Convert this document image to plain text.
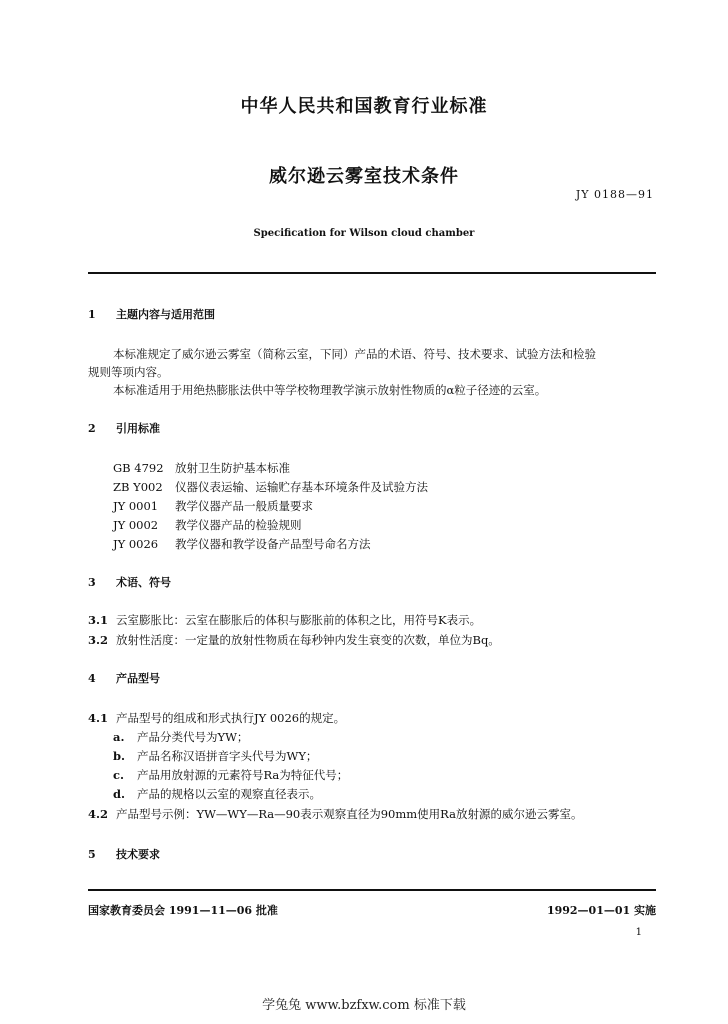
中华人民共和国教育行业标准
威尔逊云雾室技术条件
JY 0188—91
Specification for Wilson cloud chamber
1 主题内容与适用范围
本标准规定了威尔逊云雾室（简称云室，下同）产品的术语、符号、技术要求、试验方法和检验
规则等项内容。
本标准适用于用绝热膨胀法供中等学校物理教学演示放射性物质的α粒子径迹的云室。
2 引用标准
GB 4792 放射卫生防护基本标准
ZB Y002 仪器仪表运输、运输贮存基本环境条件及试验方法
JY 0001 教学仪器产品一般质量要求
JY 0002 教学仪器产品的检验规则
JY 0026 教学仪器和教学设备产品型号命名方法
3 术语、符号
3.1 云室膨胀比：云室在膨胀后的体积与膨胀前的体积之比，用符号K表示。
3.2 放射性活度：一定量的放射性物质在每秒钟内发生衰变的次数，单位为Bq。
4 产品型号
4.1 产品型号的组成和形式执行JY 0026的规定。
a. 产品分类代号为YW；
b. 产品名称汉语拼音字头代号为WY；
c. 产品用放射源的元素符号Ra为特征代号；
d. 产品的规格以云室的观察直径表示。
4.2 产品型号示例：YW—WY—Ra—90表示观察直径为90mm使用Ra放射源的威尔逊云雾室。
5 技术要求
国家教育委员会 1991—11—06 批准	1992—01—01 实施
1
学兔兔 www.bzfxw.com 标准下载
